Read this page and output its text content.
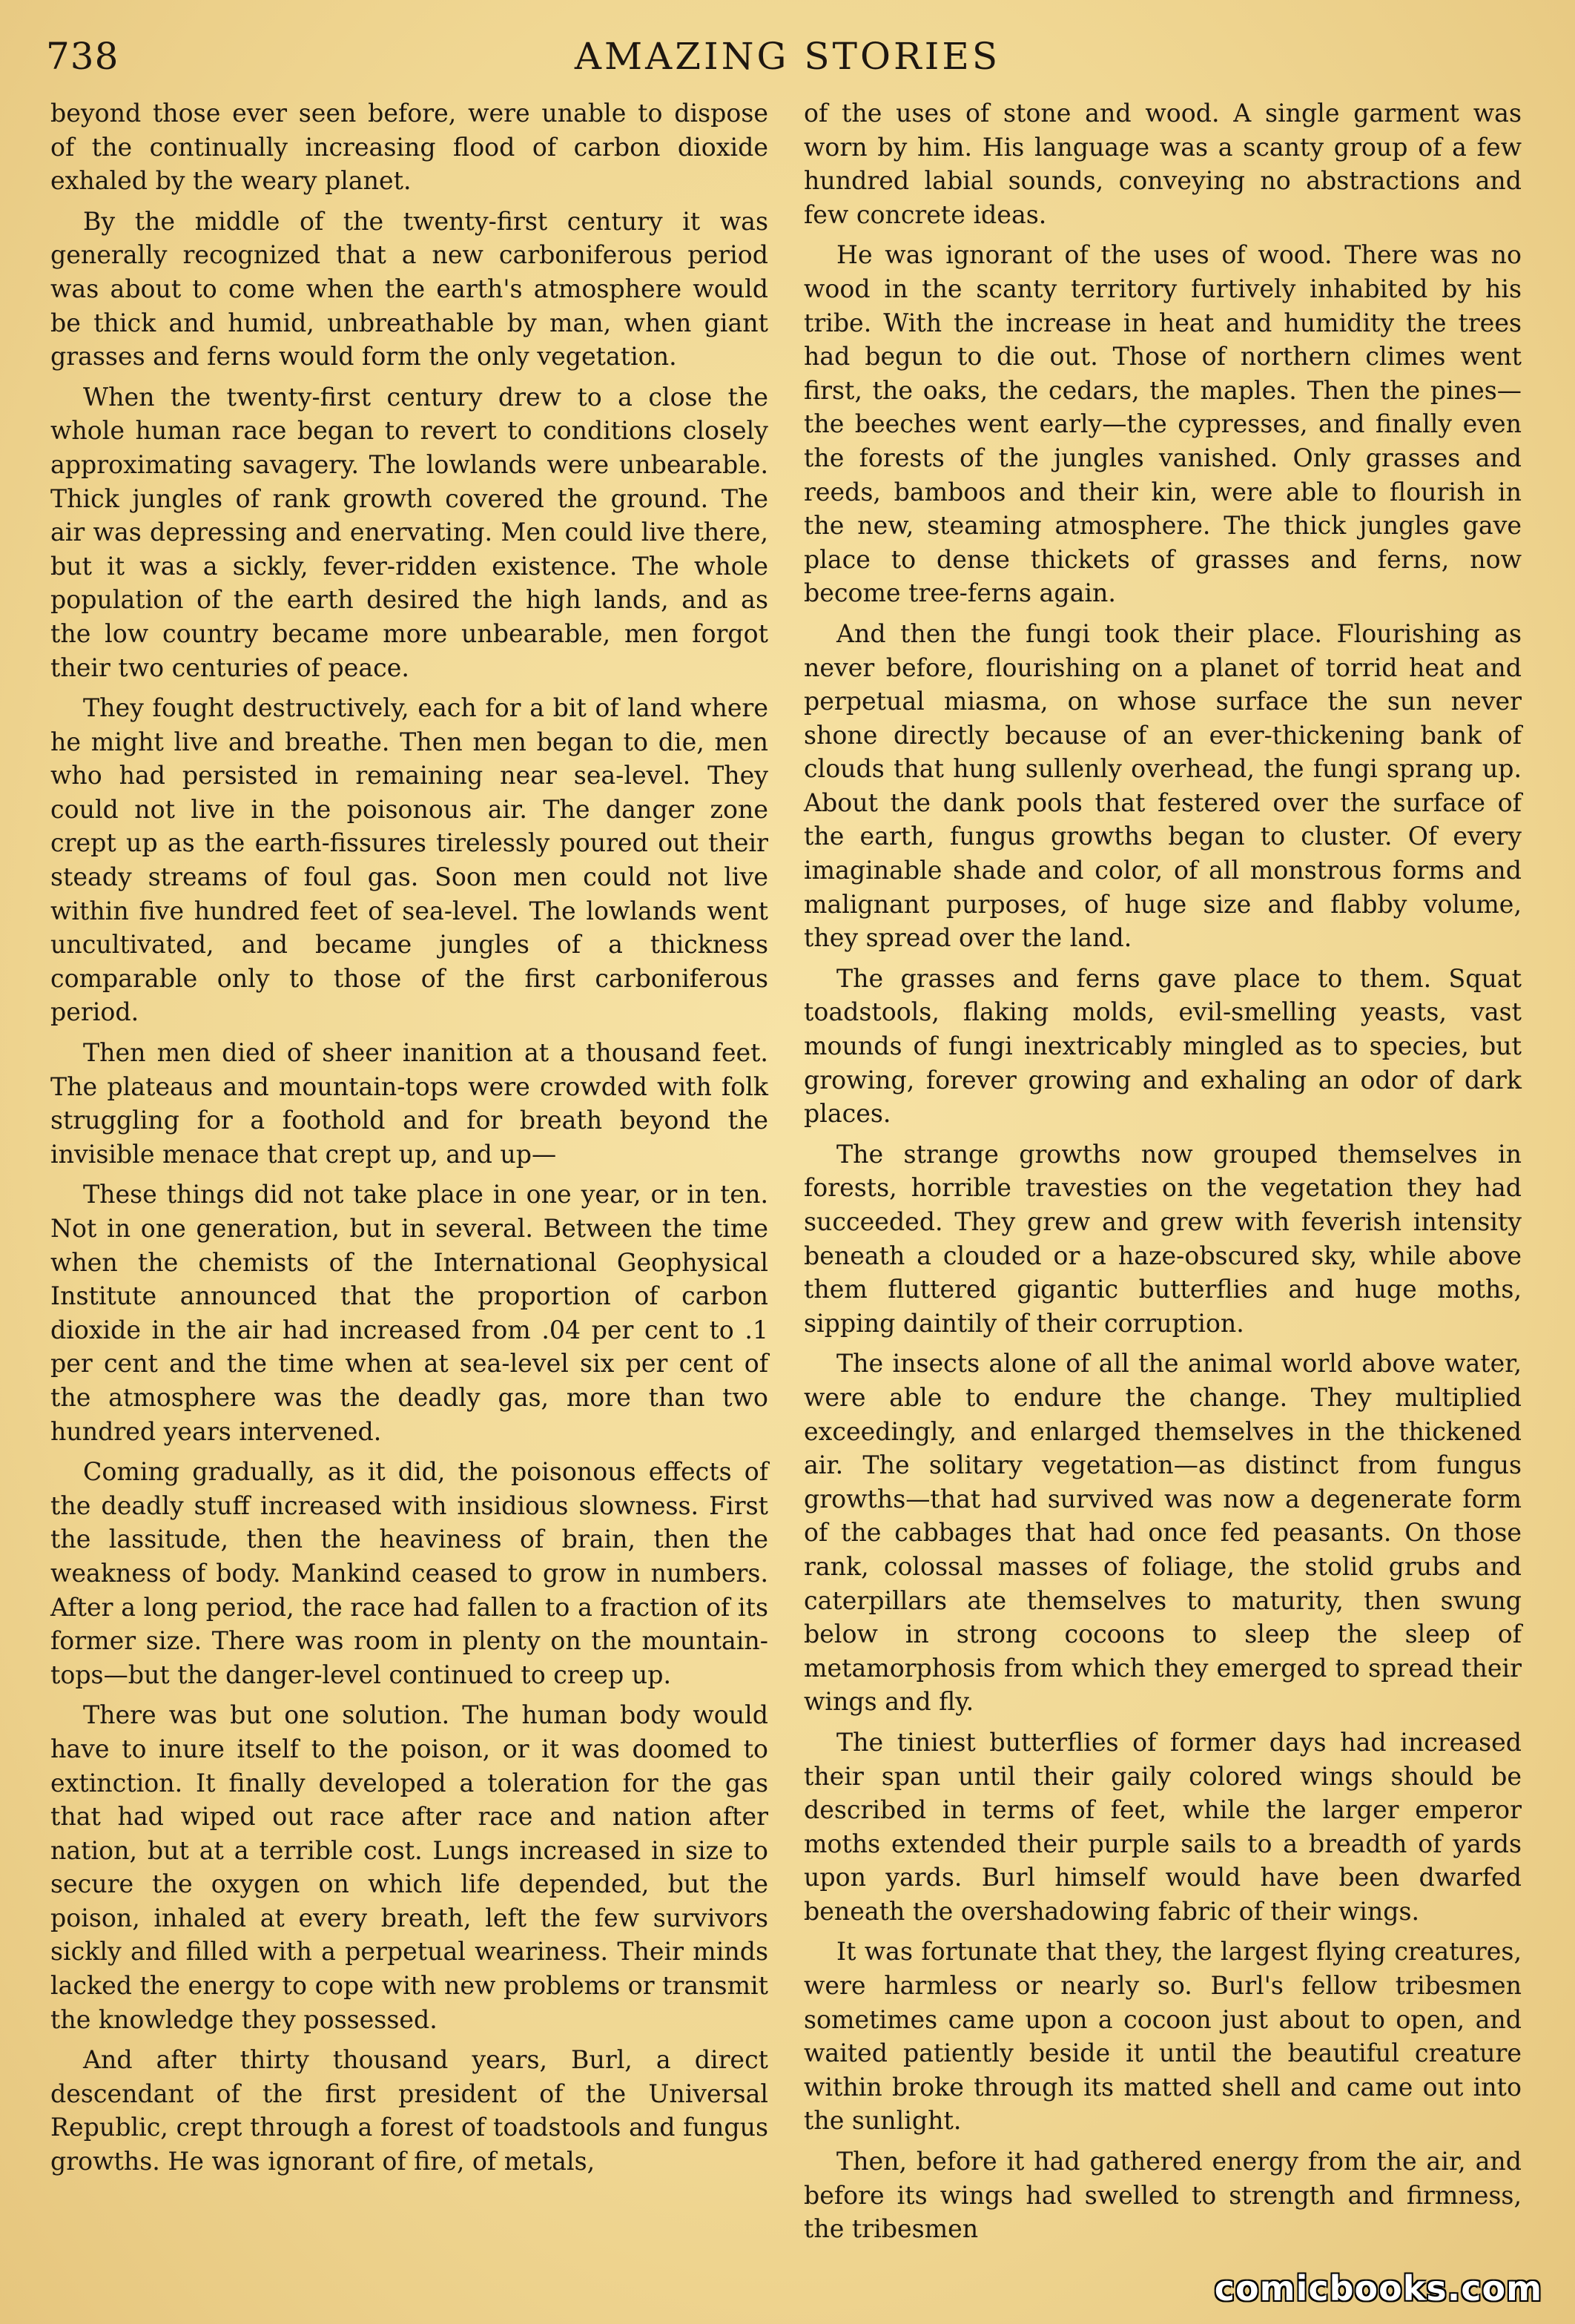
738	AMAZING STORIES

beyond those ever seen before, were unable to dispose of the continually increasing flood of carbon dioxide exhaled by the weary planet.

By the middle of the twenty-first century it was generally recognized that a new carboniferous period was about to come when the earth's atmosphere would be thick and humid, unbreathable by man, when giant grasses and ferns would form the only vegetation.

When the twenty-first century drew to a close the whole human race began to revert to conditions closely approximating savagery. The lowlands were unbearable. Thick jungles of rank growth covered the ground. The air was depressing and enervating. Men could live there, but it was a sickly, fever-ridden existence. The whole population of the earth desired the high lands, and as the low country became more unbearable, men forgot their two centuries of peace.

They fought destructively, each for a bit of land where he might live and breathe. Then men began to die, men who had persisted in remaining near sea-level. They could not live in the poisonous air. The danger zone crept up as the earth-fissures tirelessly poured out their steady streams of foul gas. Soon men could not live within five hundred feet of sea-level. The lowlands went uncultivated, and became jungles of a thickness comparable only to those of the first carboniferous period.

Then men died of sheer inanition at a thousand feet. The plateaus and mountain-tops were crowded with folk struggling for a foothold and for breath beyond the invisible menace that crept up, and up—

These things did not take place in one year, or in ten. Not in one generation, but in several. Between the time when the chemists of the International Geophysical Institute announced that the proportion of carbon dioxide in the air had increased from .04 per cent to .1 per cent and the time when at sea-level six per cent of the atmosphere was the deadly gas, more than two hundred years intervened.

Coming gradually, as it did, the poisonous effects of the deadly stuff increased with insidious slowness. First the lassitude, then the heaviness of brain, then the weakness of body. Mankind ceased to grow in numbers. After a long period, the race had fallen to a fraction of its former size. There was room in plenty on the mountain-tops—but the danger-level continued to creep up.

There was but one solution. The human body would have to inure itself to the poison, or it was doomed to extinction. It finally developed a toleration for the gas that had wiped out race after race and nation after nation, but at a terrible cost. Lungs increased in size to secure the oxygen on which life depended, but the poison, inhaled at every breath, left the few survivors sickly and filled with a perpetual weariness. Their minds lacked the energy to cope with new problems or transmit the knowledge they possessed.

And after thirty thousand years, Burl, a direct descendant of the first president of the Universal Republic, crept through a forest of toadstools and fungus growths. He was ignorant of fire, of metals,

of the uses of stone and wood. A single garment was worn by him. His language was a scanty group of a few hundred labial sounds, conveying no abstractions and few concrete ideas.

He was ignorant of the uses of wood. There was no wood in the scanty territory furtively inhabited by his tribe. With the increase in heat and humidity the trees had begun to die out. Those of northern climes went first, the oaks, the cedars, the maples. Then the pines—the beeches went early—the cypresses, and finally even the forests of the jungles vanished. Only grasses and reeds, bamboos and their kin, were able to flourish in the new, steaming atmosphere. The thick jungles gave place to dense thickets of grasses and ferns, now become tree-ferns again.

And then the fungi took their place. Flourishing as never before, flourishing on a planet of torrid heat and perpetual miasma, on whose surface the sun never shone directly because of an ever-thickening bank of clouds that hung sullenly overhead, the fungi sprang up. About the dank pools that festered over the surface of the earth, fungus growths began to cluster. Of every imaginable shade and color, of all monstrous forms and malignant purposes, of huge size and flabby volume, they spread over the land.

The grasses and ferns gave place to them. Squat toadstools, flaking molds, evil-smelling yeasts, vast mounds of fungi inextricably mingled as to species, but growing, forever growing and exhaling an odor of dark places.

The strange growths now grouped themselves in forests, horrible travesties on the vegetation they had succeeded. They grew and grew with feverish intensity beneath a clouded or a haze-obscured sky, while above them fluttered gigantic butterflies and huge moths, sipping daintily of their corruption.

The insects alone of all the animal world above water, were able to endure the change. They multiplied exceedingly, and enlarged themselves in the thickened air. The solitary vegetation—as distinct from fungus growths—that had survived was now a degenerate form of the cabbages that had once fed peasants. On those rank, colossal masses of foliage, the stolid grubs and caterpillars ate themselves to maturity, then swung below in strong cocoons to sleep the sleep of metamorphosis from which they emerged to spread their wings and fly.

The tiniest butterflies of former days had increased their span until their gaily colored wings should be described in terms of feet, while the larger emperor moths extended their purple sails to a breadth of yards upon yards. Burl himself would have been dwarfed beneath the overshadowing fabric of their wings.

It was fortunate that they, the largest flying creatures, were harmless or nearly so. Burl's fellow tribesmen sometimes came upon a cocoon just about to open, and waited patiently beside it until the beautiful creature within broke through its matted shell and came out into the sunlight.

Then, before it had gathered energy from the air, and before its wings had swelled to strength and firmness, the tribesmen

comicbooks.com
